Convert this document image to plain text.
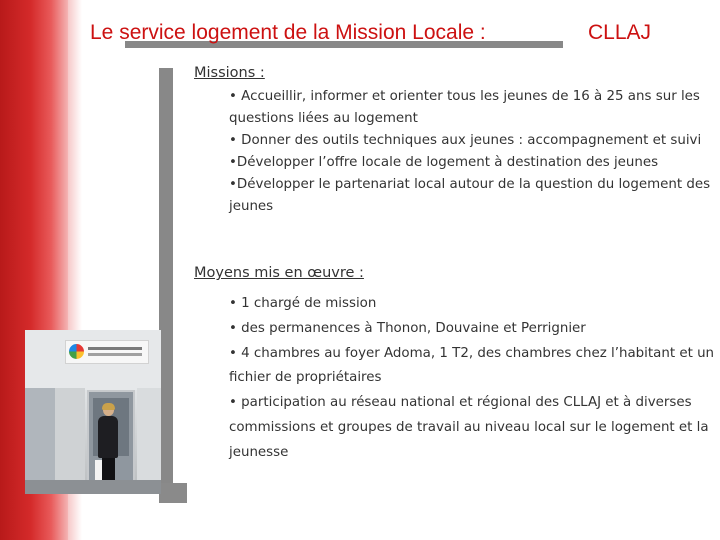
Le service logement de la Mission Locale :	CLLAJ
Missions :
• Accueillir, informer et orienter tous les jeunes de 16 à 25 ans sur les questions liées au logement
• Donner des outils techniques aux jeunes : accompagnement et suivi
•Développer l’offre locale de logement à destination des jeunes
•Développer le partenariat local autour de la question du logement des jeunes
Moyens mis en œuvre :
• 1 chargé de mission
• des permanences à Thonon, Douvaine et Perrignier
• 4 chambres au foyer Adoma, 1 T2, des chambres chez l’habitant et un fichier de propriétaires
• participation au réseau national et régional des CLLAJ et à diverses commissions et groupes de travail au niveau local sur le logement et la jeunesse
